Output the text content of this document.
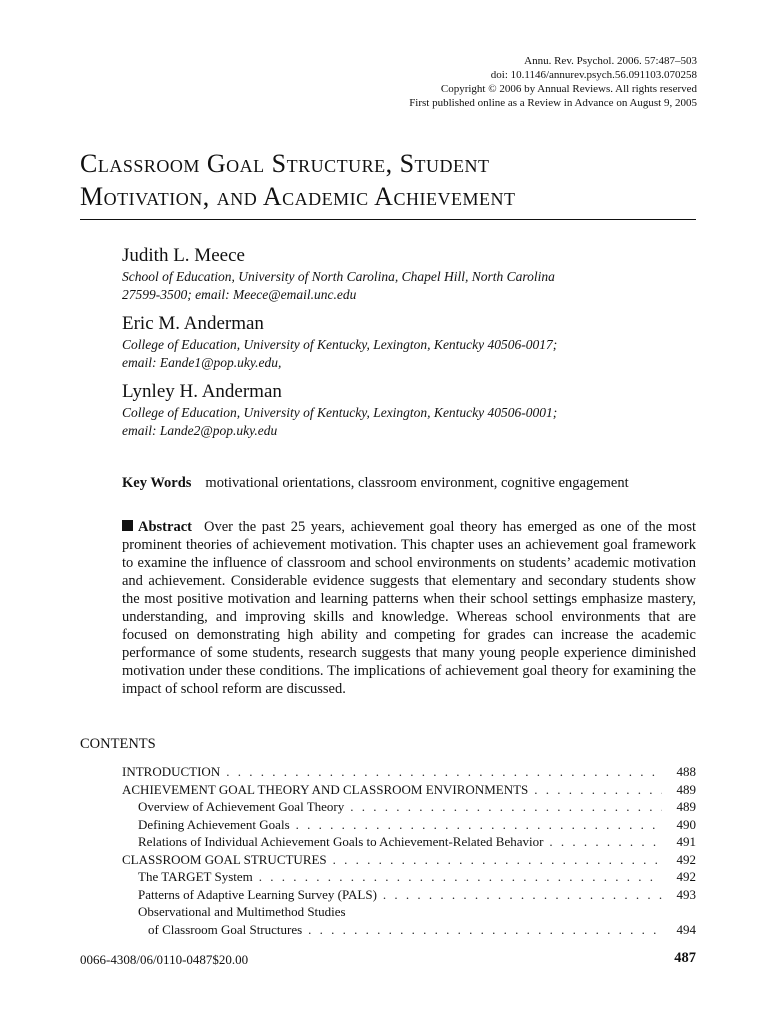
Annu. Rev. Psychol. 2006. 57:487–503
doi: 10.1146/annurev.psych.56.091103.070258
Copyright © 2006 by Annual Reviews. All rights reserved
First published online as a Review in Advance on August 9, 2005
Classroom Goal Structure, Student
Motivation, and Academic Achievement
Judith L. Meece
School of Education, University of North Carolina, Chapel Hill, North Carolina
27599-3500; email: Meece@email.unc.edu
Eric M. Anderman
College of Education, University of Kentucky, Lexington, Kentucky 40506-0017;
email: Eande1@pop.uky.edu,
Lynley H. Anderman
College of Education, University of Kentucky, Lexington, Kentucky 40506-0001;
email: Lande2@pop.uky.edu
Key Words motivational orientations, classroom environment, cognitive engagement
Abstract Over the past 25 years, achievement goal theory has emerged as one of the most prominent theories of achievement motivation. This chapter uses an achievement goal framework to examine the influence of classroom and school environments on students’ academic motivation and achievement. Considerable evidence suggests that elementary and secondary students show the most positive motivation and learning patterns when their school settings emphasize mastery, understanding, and improving skills and knowledge. Whereas school environments that are focused on demonstrating high ability and competing for grades can increase the academic performance of some students, research suggests that many young people experience diminished motivation under these conditions. The implications of achievement goal theory for examining the impact of school reform are discussed.
CONTENTS
INTRODUCTION . . .	488
ACHIEVEMENT GOAL THEORY AND CLASSROOM ENVIRONMENTS . . .	489
Overview of Achievement Goal Theory . . .	489
Defining Achievement Goals . . .	490
Relations of Individual Achievement Goals to Achievement-Related Behavior . . .	491
CLASSROOM GOAL STRUCTURES . . .	492
The TARGET System . . .	492
Patterns of Adaptive Learning Survey (PALS) . . .	493
Observational and Multimethod Studies
of Classroom Goal Structures . . .	494
0066-4308/06/0110-0487$20.00	487
